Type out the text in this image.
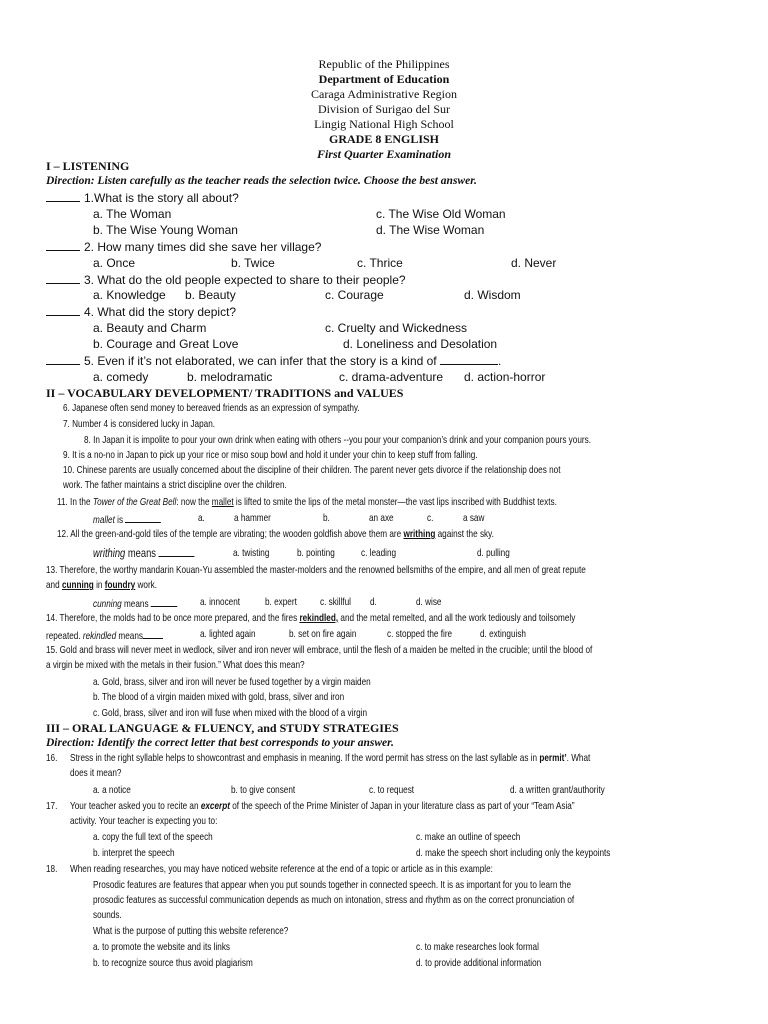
Republic of the Philippines
Department of Education
Caraga Administrative Region
Division of Surigao del Sur
Lingig National High School
GRADE 8 ENGLISH
First Quarter Examination
I – LISTENING
Direction: Listen carefully as the teacher reads the selection twice. Choose the best answer.
1.What is the story all about?
a. The Woman	c. The Wise Old Woman
b. The Wise Young Woman	d. The Wise Woman
2. How many times did she save her village?
a. Once	b. Twice	c. Thrice	d. Never
3. What do the old people expected to share to their people?
a. Knowledge b. Beauty	c. Courage	d. Wisdom
4. What did the story depict?
a. Beauty and Charm	c. Cruelty and Wickedness
b. Courage and Great Love	d. Loneliness and Desolation
5. Even if it’s not elaborated, we can infer that the story is a kind of	.
a. comedy	b. melodramatic	c. drama-adventure d. action-horror
II – VOCABULARY DEVELOPMENT/ TRADITIONS and VALUES
6. Japanese often send money to bereaved friends as an expression of sympathy.
7. Number 4 is considered lucky in Japan.
8. In Japan it is impolite to pour your own drink when eating with others --you pour your companion’s drink and your companion pours yours.
9. It is a no-no in Japan to pick up your rice or miso soup bowl and hold it under your chin to keep stuff from falling.
10. Chinese parents are usually concerned about the discipline of their children. The parent never gets divorce if the relationship does not
work. The father maintains a strict discipline over the children.
11. In the Tower of the Great Bell: now the mallet is lifted to smite the lips of the metal monster—the vast lips inscribed with Buddhist texts.
mallet is	a.	a hammer	b.	an axe	c.	a saw
12. All the green-and-gold tiles of the temple are vibrating; the wooden goldfish above them are writhing against the sky.
writhing means	a. twisting	b. pointing c. leading	d. pulling
13. Therefore, the worthy mandarin Kouan-Yu assembled the master-molders and the renowned bellsmiths of the empire, and all men of great repute
and cunning in foundry work.
cunning means	a. innocent b. expert c. skillful d.	d. wise
14. Therefore, the molds had to be once more prepared, and the fires rekindled, and the metal remelted, and all the work tediously and toilsomely
repeated. rekindled means	a. lighted again	b. set on fire again	c. stopped the fire	d. extinguish
15. Gold and brass will never meet in wedlock, silver and iron never will embrace, until the flesh of a maiden be melted in the crucible; until the blood of
a virgin be mixed with the metals in their fusion.” What does this mean?
a. Gold, brass, silver and iron will never be fused together by a virgin maiden
b. The blood of a virgin maiden mixed with gold, brass, silver and iron
c. Gold, brass, silver and iron will fuse when mixed with the blood of a virgin
III – ORAL LANGUAGE & FLUENCY, and STUDY STRATEGIES
Direction: Identify the correct letter that best corresponds to your answer.
16. Stress in the right syllable helps to showcontrast and emphasis in meaning. If the word permit has stress on the last syllable as in permit’. What
does it mean?
a. a notice	b. to give consent	c. to request	d. a written grant/authority
17. Your teacher asked you to recite an excerpt of the speech of the Prime Minister of Japan in your literature class as part of your “Team Asia”
activity. Your teacher is expecting you to:
a. copy the full text of the speech	c. make an outline of speech
b. interpret the speech	d. make the speech short including only the keypoints
18. When reading researches, you may have noticed website reference at the end of a topic or article as in this example:
Prosodic features are features that appear when you put sounds together in connected speech. It is as important for you to learn the
prosodic features as successful communication depends as much on intonation, stress and rhythm as on the correct pronunciation of
sounds.
What is the purpose of putting this website reference?
a. to promote the website and its links	c. to make researches look formal
b. to recognize source thus avoid plagiarism	d. to provide additional information
